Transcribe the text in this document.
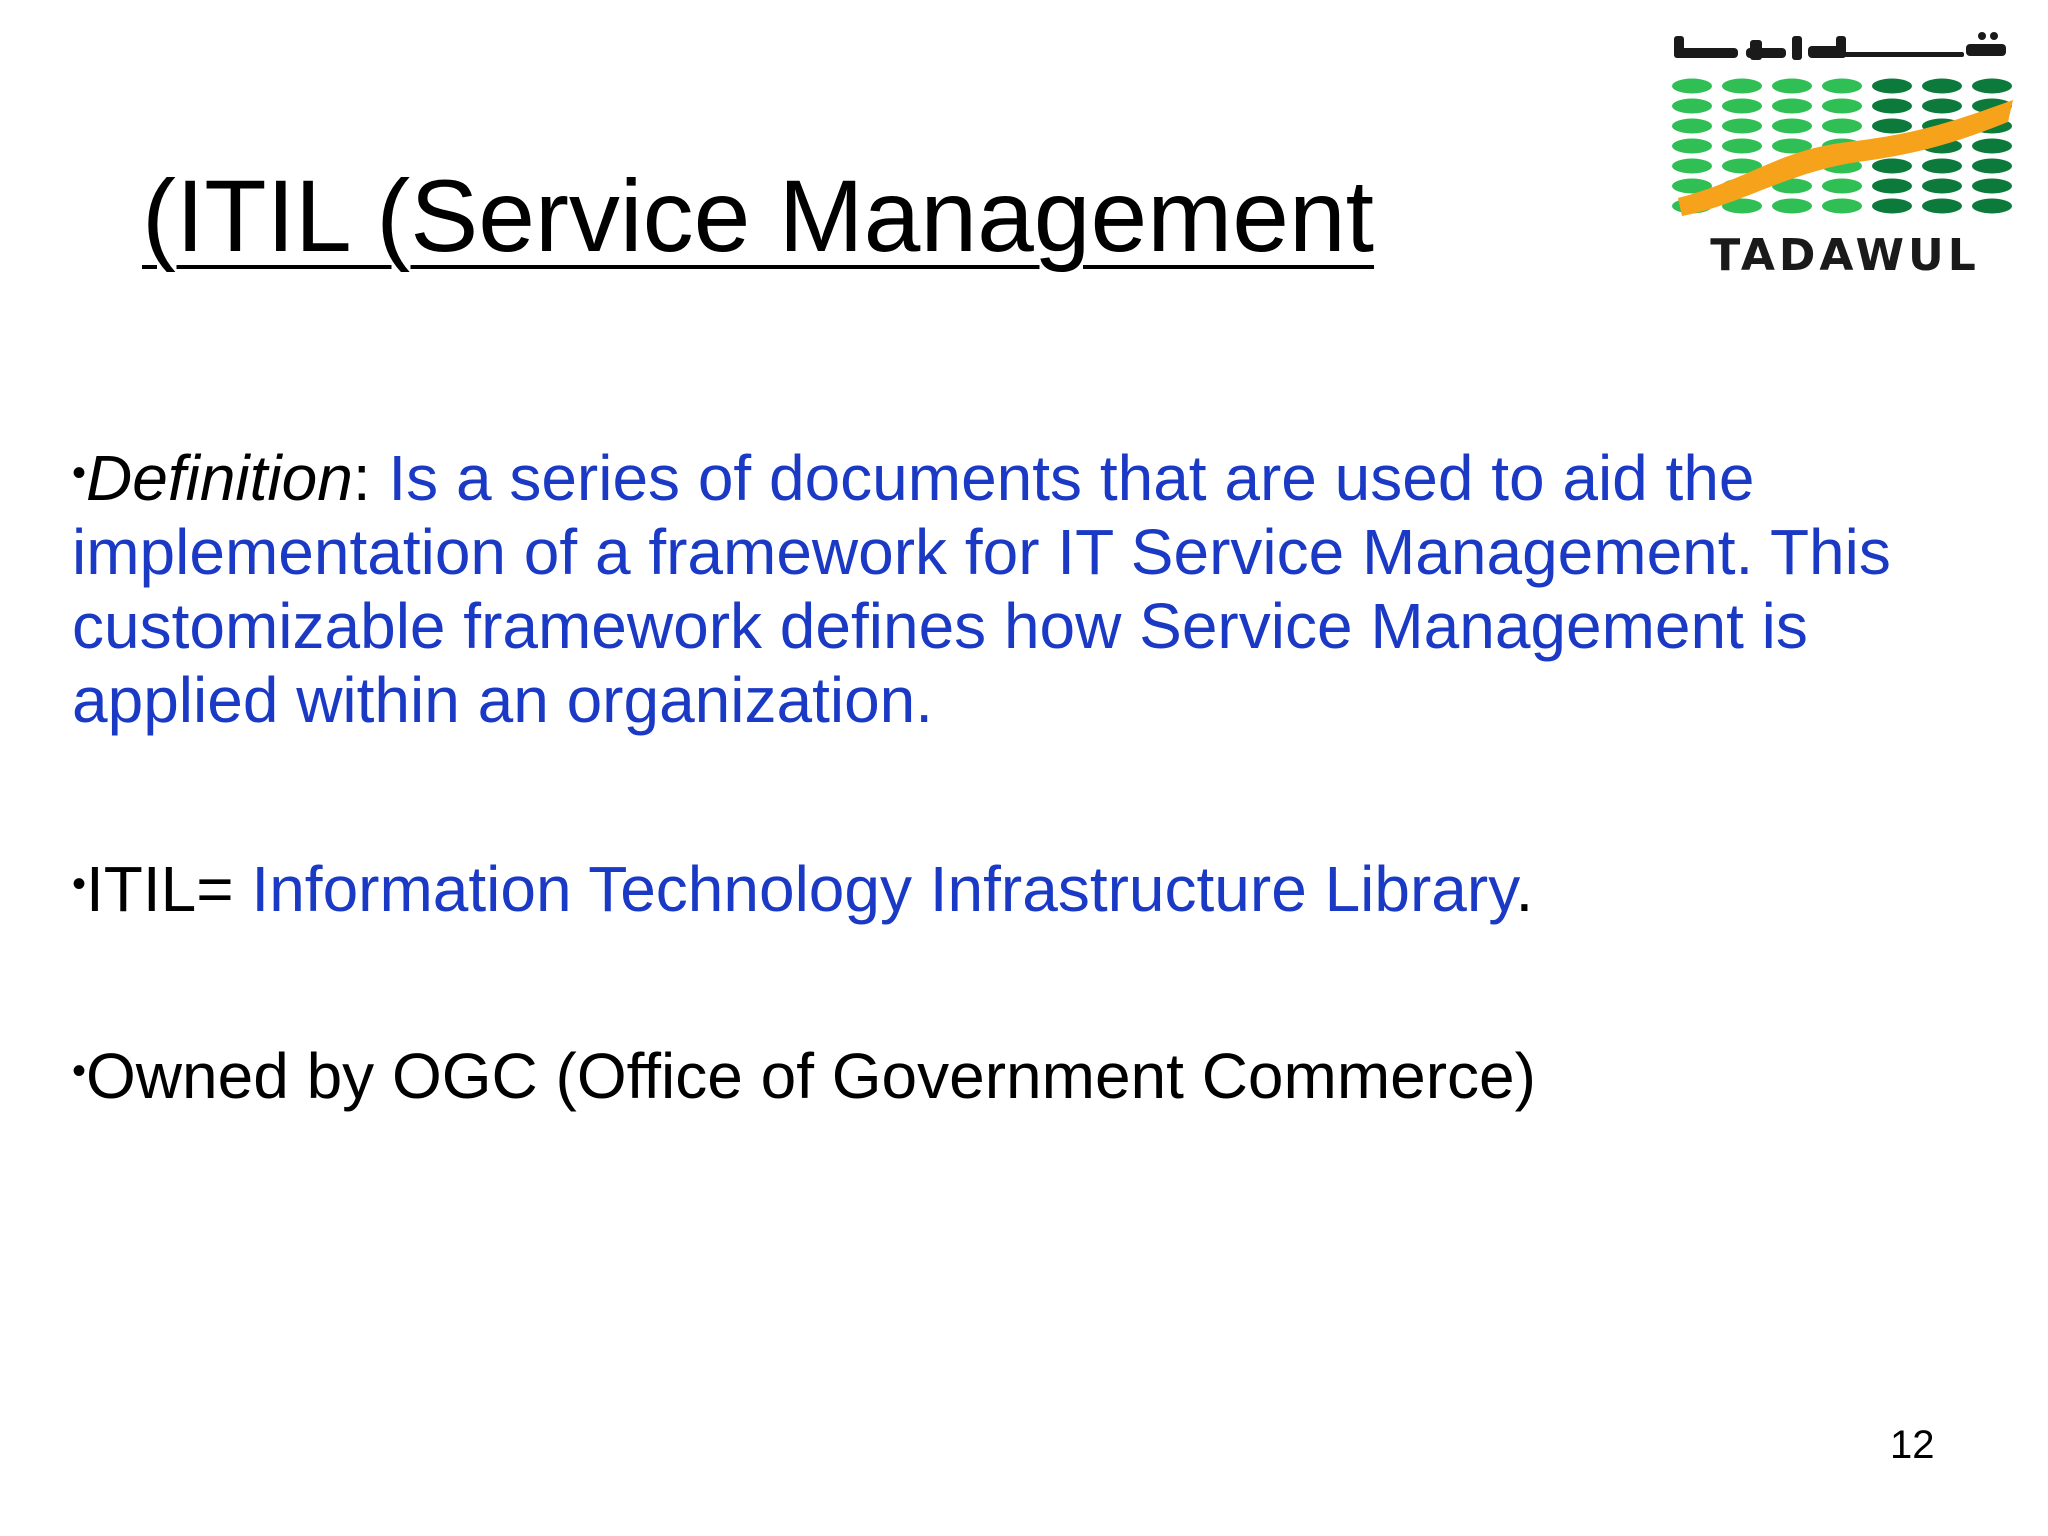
(ITIL (Service Management	TADAWUL
•Definition: Is a series of documents that are used to aid the implementation of a framework for IT Service Management. This customizable framework defines how Service Management is applied within an organization.
•ITIL= Information Technology Infrastructure Library.
•Owned by OGC (Office of Government Commerce)
12
